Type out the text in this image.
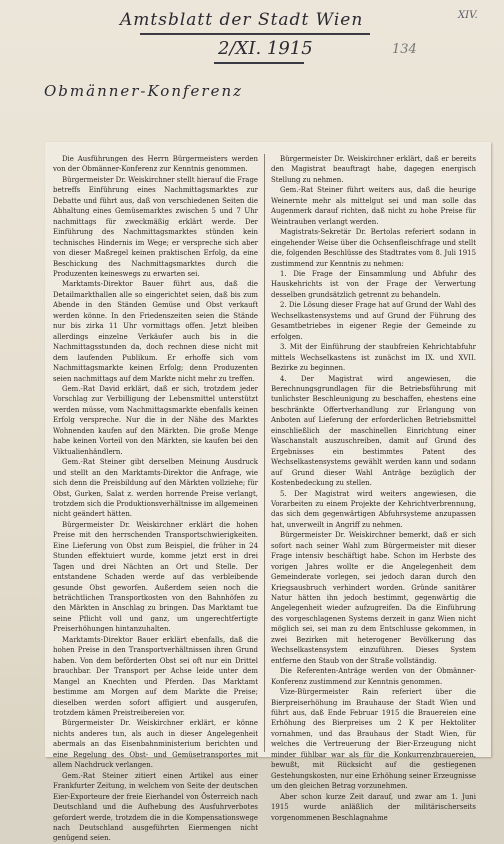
Amtsblatt der Stadt Wien	XIV.
2/XI. 1915	134
Obmänner-Konferenz

Die Ausführungen des Herrn Bürgermeisters werden von der Obmänner-Konferenz zur Kenntnis genommen.

Bürgermeister Dr. Weiskirchner stellt hierauf die Frage betreffs Einführung eines Nachmittagsmarktes zur Debatte und führt aus, daß von verschiedenen Seiten die Abhaltung eines Gemüsemarktes zwischen 5 und 7 Uhr nachmittags für zweckmäßig erklärt werde. Der Einführung des Nachmittagsmarktes stünden kein technisches Hindernis im Wege; er verspreche sich aber von dieser Maßregel keinen praktischen Erfolg, da eine Beschickung des Nachmittagsmarktes durch die Produzenten keineswegs zu erwarten sei.

Marktamts-Direktor Bauer führt aus, daß die Detailmarkthallen alle so eingerichtet seien, daß bis zum Abende in den Ständen Gemüse und Obst verkauft werden könne. In den Friedenszeiten seien die Stände nur bis zirka 11 Uhr vormittags offen. Jetzt bleiben allerdings einzelne Verkäufer auch bis in die Nachmittagsstunden da, doch rechnen diese nicht mit dem laufenden Publikum. Er erhoffe sich vom Nachmittagsmarkte keinen Erfolg; denn Produzenten seien nachmittags auf dem Markte nicht mehr zu treffen.

Gem.-Rat David erklärt, daß er sich, trotzdem jeder Vorschlag zur Verbilligung der Lebensmittel unterstützt werden müsse, vom Nachmittagsmarkte ebenfalls keinen Erfolg verspreche. Nur die in der Nähe des Marktes Wohnenden kaufen auf den Märkten. Die große Menge habe keinen Vorteil von den Märkten, sie kaufen bei den Viktualienhändlern.

Gem.-Rat Steiner gibt derselben Meinung Ausdruck und stellt an den Marktamts-Direktor die Anfrage, wie sich denn die Preisbildung auf den Märkten vollziehe; für Obst, Gurken, Salat z. werden horrende Preise verlangt, trotzdem sich die Produktionsverhältnisse im allgemeinen nicht geändert hätten.

Bürgermeister Dr. Weiskirchner erklärt die hohen Preise mit den herrschenden Transportschwierigkeiten. Eine Lieferung von Obst zum Beispiel, die früher in 24 Stunden effektuiert wurde, komme jetzt erst in drei Tagen und drei Nächten an Ort und Stelle. Der entstandene Schaden werde auf das verbleibende gesunde Obst geworfen. Außerdem seien noch die beträchtlichen Transportkosten von den Bahnhöfen zu den Märkten in Anschlag zu bringen. Das Marktamt tue seine Pflicht voll und ganz, um ungerechtfertigte Preiserhöhungen hintanzuhalten.

Marktamts-Direktor Bauer erklärt ebenfalls, daß die hohen Preise in den Transportverhältnissen ihren Grund haben. Von dem beförderten Obst sei oft nur ein Drittel brauchbar. Der Transport per Achse leide unter dem Mangel an Knechten und Pferden. Das Marktamt bestimme am Morgen auf dem Markte die Preise; dieselben werden sofort affigiert und ausgerufen, trotzdem kämen Preistreibereien vor.

Bürgermeister Dr. Weiskirchner erklärt, er könne nichts anderes tun, als auch in dieser Angelegenheit abermals an das Eisenbahnministerium berichten und eine Regelung des Obst- und Gemüsetransportes mit allem Nachdruck verlangen.

Gem.-Rat Steiner zitiert einen Artikel aus einer Frankfurter Zeitung, in welchem von Seite der deutschen Eier-Exporteure der freie Eierhandel von Österreich nach Deutschland und die Aufhebung des Ausfuhrverbotes gefordert werde, trotzdem die in die Kompensationswege nach Deutschland ausgeführten Eiermengen nicht genügend seien.

Bürgermeister Dr. Weiskirchner erklärt, daß er bereits den Magistrat beauftragt habe, dagegen energisch Stellung zu nehmen.

Gem.-Rat Steiner führt weiters aus, daß die heurige Weinernte mehr als mittelgut sei und man solle das Augenmerk darauf richten, daß nicht zu hohe Preise für Weintrauben verlangt werden.

Magistrats-Sekretär Dr. Bertolas referiert sodann in eingehender Weise über die Ochsenfleischfrage und stellt die, folgenden Beschlüsse des Stadtrates vom 8. Juli 1915 zustimmend zur Kenntnis zu nehmen:

1. Die Frage der Einsammlung und Abfuhr des Hauskehrichts ist von der Frage der Verwertung desselben grundsätzlich getrennt zu behandeln.

2. Die Lösung dieser Frage hat auf Grund der Wahl des Wechselkastensystems und auf Grund der Führung des Gesamtbetriebes in eigener Regie der Gemeinde zu erfolgen.

3. Mit der Einführung der staubfreien Kehrichtabfuhr mittels Wechselkastens ist zunächst im IX. und XVII. Bezirke zu beginnen.

4. Der Magistrat wird angewiesen, die Berechnungsgrundlagen für die Betriebsführung mit tunlichster Beschleunigung zu beschaffen, ehestens eine beschränkte Offertverhandlung zur Erlangung von Anboten auf Lieferung der erforderlichen Betriebsmittel einschließlich der maschinellen Einrichtung einer Waschanstalt auszuschreiben, damit auf Grund des Ergebnisses ein bestimmtes Patent des Wechselkastensystems gewählt werden kann und sodann auf Grund dieser Wahl Anträge bezüglich der Kostenbedeckung zu stellen.

5. Der Magistrat wird weiters angewiesen, die Vorarbeiten zu einem Projekte der Kehrichtverbrennung, das sich dem gegenwärtigen Abfuhrsysteme anzupassen hat, unverweilt in Angriff zu nehmen.

Bürgermeister Dr. Weiskirchner bemerkt, daß er sich sofort nach seiner Wahl zum Bürgermeister mit dieser Frage intensiv beschäftigt habe. Schon im Herbste des vorigen Jahres wollte er die Angelegenheit dem Gemeinderate vorlegen, sei jedoch daran durch den Kriegsausbruch verhindert worden. Gründe sanitärer Natur hätten ihn jedoch bestimmt, gegenwärtig die Angelegenheit wieder aufzugreifen. Da die Einführung des vorgeschlagenen Systems derzeit in ganz Wien nicht möglich sei, sei man zu dem Entschlusse gekommen, in zwei Bezirken mit heterogener Bevölkerung das Wechselkastensystem einzuführen. Dieses System entferne den Staub von der Straße vollständig.

Die Referenten-Anträge werden von der Obmänner-Konferenz zustimmend zur Kenntnis genommen.

Vize-Bürgermeister Rain referiert über die Bierpreiserhöhung im Brauhause der Stadt Wien und führt aus, daß Ende Februar 1915 die Brauereien eine Erhöhung des Bierpreises um 2 K per Hektoliter vornahmen, und das Brauhaus der Stadt Wien, für welches die Vertreuerung der Bier-Erzeugung nicht minder fühlbar war als für die Konkurrenzbrauereien, bewußt, mit Rücksicht auf die gestiegenen Gestehungskosten, nur eine Erhöhung seiner Erzeugnisse um den gleichen Betrag vorzunehmen.

Aber schon kurze Zeit darauf, und zwar am 1. Juni 1915 wurde anläßlich der militärischerseits vorgenommenen Beschlagnahme
